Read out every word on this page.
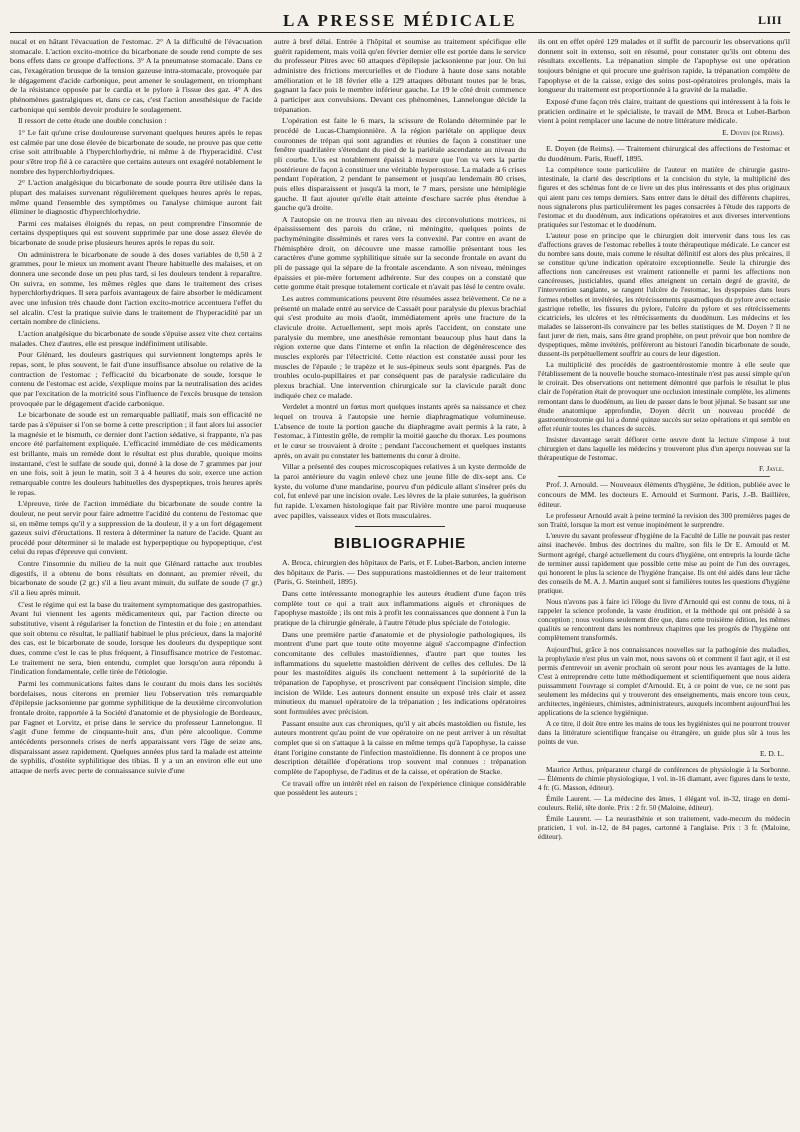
LA PRESSE MÉDICALE	LIII

nucal et en hâtant l'évacuation de l'estomac. 2° A la difficulté de l'évacuation stomacale. L'action excito-motrice du bicarbonate de soude rend compte de ses bons effets dans ce groupe d'affections. 3° A la pneumatose stomacale. Dans ce cas, l'exagération brusque de la tension gazeuse intra-stomacale, provoquée par le dégagement d'acide carbonique, peut amener le soulagement, en triomphant de la résistance opposée par le cardia et le pylore à l'issue des gaz. 4° A des phénomènes gastralgiques et, dans ce cas, c'est l'action anesthésique de l'acide carbonique qui semble devoir produire le soulagement.

Il ressort de cette étude une double conclusion :

1° Le fait qu'une crise douloureuse survenant quelques heures après le repas est calmée par une dose élevée de bicarbonate de soude, ne prouve pas que cette crise soit attribuable à l'hyperchlorhydrie, ni même à de l'hyperacidité. C'est pour s'être trop fié à ce caractère que certains auteurs ont exagéré notablement le nombre des hyperchlorhydriques.

2° L'action analgésique du bicarbonate de soude pourra être utilisée dans la plupart des malaises survenant régulièrement quelques heures après le repas, même quand l'ensemble des symptômes ou l'analyse chimique auront fait éliminer le diagnostic d'hyperchlorhydrie.

Parmi ces malaises éloignés du repas, on peut comprendre l'insomnie de certains dyspeptiques qui est souvent supprimée par une dose assez élevée de bicarbonate de soude prise plusieurs heures après le repas du soir.

On administrera le bicarbonate de soude à des doses variables de 0,50 à 2 grammes, pour le mieux un moment avant l'heure habituelle des malaises, et on donnera une seconde dose un peu plus tard, si les douleurs tendent à reparaître. On suivra, en somme, les mêmes règles que dans le traitement des crises hyperchlorhydriques. Il sera parfois avantageux de faire absorber le médicament avec une infusion très chaude dont l'action excito-motrice accentuera l'effet du sel alcalin. C'est la pratique suivie dans le traitement de l'hyperacidité par un certain nombre de cliniciens.

L'action analgésique du bicarbonate de soude s'épuise assez vite chez certains malades. Chez d'autres, elle est presque indéfiniment utilisable.

Pour Glénard, les douleurs gastriques qui surviennent longtemps après le repas, sont, le plus souvent, le fait d'une insuffisance absolue ou relative de la contraction de l'estomac ; l'efficacité du bicarbonate de soude, lorsque le contenu de l'estomac est acide, s'explique moins par la neutralisation des acides que par l'excitation de la motricité sous l'influence de l'excès brusque de tension provoquée par le dégagement d'acide carbonique.

Le bicarbonate de soude est un remarquable palliatif, mais son efficacité ne tarde pas à s'épuiser si l'on se borne à cette prescription ; il faut alors lui associer la magnésie et le bismuth, ce dernier dont l'action sédative, si frappante, n'a pas encore été parfaitement expliquée. L'efficacité immédiate de ces médicaments est brillante, mais un remède dont le résultat est plus durable, quoique moins instantané, c'est le sulfate de soude qui, donné à la dose de 7 grammes par jour en une fois, soit à jeun le matin, soit 3 à 4 heures du soir, exerce une action remarquable contre les douleurs habituelles des dyspeptiques, trois heures après le repas.

L'épreuve, tirée de l'action immédiate du bicarbonate de soude contre la douleur, ne peut servir pour faire admettre l'acidité du contenu de l'estomac que si, en même temps qu'il y a suppression de la douleur, il y a un fort dégagement gazeux suivi d'éructations. Il restera à déterminer la nature de l'acide. Quant au procédé pour déterminer si le malade est hyperpeptique ou hypopeptique, c'est celui du repas d'épreuve qui convient.

Contre l'insomnie du milieu de la nuit que Glénard rattache aux troubles digestifs, il a obtenu de bons résultats en donnant, au premier réveil, du bicarbonate de soude (2 gr.) s'il a lieu avant minuit, du sulfate de soude (7 gr.) s'il a lieu après minuit.

C'est le régime qui est la base du traitement symptomatique des gastropathies. Avant lui viennent les agents médicamenteux qui, par l'action directe ou substitutive, visent à régulariser la fonction de l'intestin et du foie ; en attendant que soit obtenu ce résultat, le palliatif habituel le plus précieux, dans la majorité des cas, est le bicarbonate de soude, lorsque les douleurs du dyspeptique sont dues, comme c'est le cas le plus fréquent, à l'insuffisance motrice de l'estomac. Le traitement ne sera, bien entendu, complet que lorsqu'on aura répondu à l'indication fondamentale, celle tirée de l'étiologie.

Parmi les communications faites dans le courant du mois dans les sociétés bordelaises, nous citerons en premier lieu l'observation très remarquable d'épilepsie jacksonienne par gomme syphilitique de la deuxième circonvolution frontale droite, rapportée à la Société d'anatomie et de physiologie de Bordeaux, par Fagnet et Lorvitz, et prise dans le service du professeur Lannelongue. Il s'agit d'une femme de cinquante-huit ans, d'un père alcoolique. Comme antécédents personnels crises de nerfs apparaissant vers l'âge de seize ans, disparaissant assez rapidement. Quelques années plus tard la malade est atteinte de syphilis, d'ostéite syphilitique des tibias. Il y a un an environ elle eut une attaque de nerfs avec perte de connaissance suivie d'une

autre à bref délai. Entrée à l'hôpital et soumise au traitement spécifique elle guérit rapidement, mais voilà qu'en février dernier elle est portée dans le service du professeur Pitres avec 60 attaques d'épilepsie jacksonienne par jour. On lui administre des frictions mercurielles et de l'iodure à haute dose sans notable amélioration et le 18 février elle a 129 attaques débutant toutes par le bras, gagnant la face puis le membre inférieur gauche. Le 19 le côté droit commence à participer aux convulsions. Devant ces phénomènes, Lannelongue décide la trépanation.

L'opération est faite le 6 mars, la scissure de Rolando déterminée par le procédé de Lucas-Championnière. A la région pariétale on applique deux couronnes de trépan qui sont agrandies et réunies de façon à constituer une fenêtre quadrilatère s'étendant du pied de la pariétale ascendante au niveau du pli courbe. L'os est notablement épaissi à mesure que l'on va vers la partie postérieure de façon à constituer une véritable hyperostose. La malade a 6 crises pendant l'opération, 2 pendant le pansement et jusqu'au lendemain 80 crises, puis elles disparaissent et jusqu'à la mort, le 7 mars, persiste une hémiplégie gauche. Il faut ajouter qu'elle était atteinte d'eschare sacrée plus étendue à gauche qu'à droite.

A l'autopsie on ne trouva rien au niveau des circonvolutions motrices, ni épaississement des parois du crâne, ni méningite, quelques points de pachyméningite disséminés et rares vers la convexité. Par contre en avant de l'hémisphère droit, on découvre une masse ramollie présentant tous les caractères d'une gomme syphilitique située sur la seconde frontale en avant du pli de passage qui la sépare de la frontale ascendante. A son niveau, méninges épaissies et pie-mère fortement adhérente. Sur des coupes on a constaté que cette gomme était presque totalement corticale et n'avait pas lésé le centre ovale.

Les autres communications peuvent être résumées assez brièvement. Ce ne a présenté un malade entré au service de Cassaët pour paralysie du plexus brachial qui s'est produite au mois d'août, immédiatement après une fracture de la clavicule droite. Actuellement, sept mois après l'accident, on constate une paralysie du membre, une anesthésie remontant beaucoup plus haut dans la région externe que dans l'interne et enfin la réaction de dégénérescence des muscles explorés par l'électricité. Cette réaction est constatée aussi pour les muscles de l'épaule ; le trapèze et le sus-épineux seuls sont épargnés. Pas de troubles oculo-pupillaires et par conséquent pas de paralysie radiculaire du plexus brachial. Une intervention chirurgicale sur la clavicule paraît donc indiquée chez ce malade.

Verdelet a montré un fœtus mort quelques instants après sa naissance et chez lequel on trouva à l'autopsie une hernie diaphragmatique volumineuse. L'absence de toute la portion gauche du diaphragme avait permis à la rate, à l'estomac, à l'intestin grêle, de remplir la moitié gauche du thorax. Les poumons et le cœur se trouvaient à droite ; pendant l'accouchement et quelques instants après, on avait pu constater les battements du cœur à droite.

Villar a présenté des coupes microscopiques relatives à un kyste dermoïde de la paroi antérieure du vagin enlevé chez une jeune fille de dix-sept ans. Ce kyste, du volume d'une mandarine, pourvu d'un pédicule allant s'insérer près du col, fut enlevé par une incision ovale. Les lèvres de la plaie suturées, la guérison fut rapide. L'examen histologique fait par Rivière montre une paroi muqueuse avec papilles, vaisseaux vides et îlots musculaires.

BIBLIOGRAPHIE

A. Broca, chirurgien des hôpitaux de Paris, et F. Lubet-Barbon, ancien interne des hôpitaux de Paris. — Des suppurations mastoïdiennes et de leur traitement (Paris, G. Steinheil, 1895).

Dans cette intéressante monographie les auteurs étudient d'une façon très complète tout ce qui a trait aux inflammations aiguës et chroniques de l'apophyse mastoïde ; ils ont mis à profit les connaissances que donnent à l'un la pratique de la chirurgie générale, à l'autre l'étude plus spéciale de l'otologie.

Dans une première partie d'anatomie et de physiologie pathologiques, ils montrent d'une part que toute otite moyenne aiguë s'accompagne d'infection concomitante des cellules mastoïdiennes, d'autre part que toutes les inflammations du squelette mastoïdien dérivent de celles des cellules. De là pour les mastoïdites aiguës ils concluent nettement à la supériorité de la trépanation de l'apophyse, et proscrivent par conséquent l'incision simple, dite incision de Wilde. Les auteurs donnent ensuite un exposé très clair et assez minutieux du manuel opératoire de la trépanation ; les indications opératoires sont formulées avec précision.

Passant ensuite aux cas chroniques, qu'il y ait abcès mastoïdien ou fistule, les auteurs montrent qu'au point de vue opératoire on ne peut arriver à un résultat complet que si on s'attaque à la caisse en même temps qu'à l'apophyse, la caisse étant l'origine constante de l'infection mastoïdienne. Ils donnent à ce propos une description détaillée d'opérations trop souvent mal connues : trépanation complète de l'apophyse, de l'aditus et de la caisse, et opération de Stacke.

Ce travail offre un intérêt réel en raison de l'expérience clinique considérable que possèdent les auteurs ;

ils ont en effet opéré 129 malades et il suffit de parcourir les observations qu'il donnent soit in extenso, soit en résumé, pour constater qu'ils ont obtenu des résultats excellents. La trépanation simple de l'apophyse est une opération toujours bénigne et qui procure une guérison rapide, la trépanation complète de l'apophyse et de la caisse, exige des soins post-opératoires prolongés, mais la longueur du traitement est proportionnée à la gravité de la maladie.

Exposé d'une façon très claire, traitant de questions qui intéressent à la fois le praticien ordinaire et le spécialiste, le travail de MM. Broca et Lubet-Barbon vient à point remplacer une lacune de notre littérature médicale.

E. Doyen (de Reims).

E. Doyen (de Reims). — Traitement chirurgical des affections de l'estomac et du duodénum. Paris, Rueff, 1895.

La compétence toute particulière de l'auteur en matière de chirurgie gastro-intestinale, la clarté des descriptions et la concision du style, la multiplicité des figures et des schémas font de ce livre un des plus intéressants et des plus originaux qui aient paru ces temps derniers. Sans entrer dans le détail des différents chapitres, nous signalerons plus particulièrement les pages consacrées à l'étude des rapports de l'estomac et du duodénum, aux indications opératoires et aux diverses interventions pratiquées sur l'estomac et le duodénum.

L'auteur pose en principe que le chirurgien doit intervenir dans tous les cas d'affections graves de l'estomac rebelles à toute thérapeutique médicale. Le cancer est du nombre sans doute, mais comme le résultat définitif est alors des plus précaires, il se constitue qu'une indication opératoire exceptionnelle. Seule la chirurgie des affections non cancéreuses est vraiment rationnelle et parmi les affections non cancéreuses, justiciables, quand elles atteignent un certain degré de gravité, de l'intervention sanglante, se rangent l'ulcère de l'estomac, les dyspepsies dans leurs formes rebelles et invétérées, les rétrécissements spasmodiques du pylore avec ectasie gastrique rebelle, les fissures du pylore, l'ulcère du pylore et ses rétrécissements cicatriciels, les ulcères et les rétrécissements du duodénum. Les médecins et les malades se laisseront-ils convaincre par les belles statistiques de M. Doyen ? Il ne faut jurer de rien, mais, sans être grand prophète, on peut prévoir que bon nombre de dyspeptiques, même invétérés, préféreront au bistouri l'anodin bicarbonate de soude, dussent-ils perpétuellement souffrir au cours de leur digestion.

La multiplicité des procédés de gastroentérostomie montre à elle seule que l'établissement de la nouvelle bouche stomaco-intestinale n'est pas aussi simple qu'on le croirait. Des observations ont nettement démontré que parfois le résultat le plus clair de l'opération était de provoquer une occlusion intestinale complète, les aliments remontant dans le duodénum, au lieu de passer dans le bout jéjunal. Se basant sur une étude anatomique approfondie, Doyen décrit un nouveau procédé de gastroentérostomie qui lui a donné quinze succès sur seize opérations et qui semble en effet réunir toutes les chances de succès.

Insister davantage serait déflorer cette œuvre dont la lecture s'impose à tout chirurgien et dans laquelle les médecins y trouveront plus d'un aperçu nouveau sur la thérapeutique de l'estomac.

F. Jayle.

Prof. J. Arnould. — Nouveaux éléments d'hygiène, 3e édition, publiée avec le concours de MM. les docteurs E. Arnould et Surmont. Paris, J.-B. Baillière, éditeur.

Le professeur Arnould avait à peine terminé la revision des 300 premières pages de son Traité, lorsque la mort est venue inopinément le surprendre.

L'œuvre du savant professeur d'hygiène de la Faculté de Lille ne pouvait pas rester ainsi inachevée. Imbus des doctrines du maître, son fils le Dr E. Arnould et M. Surmont agrégé, chargé actuellement du cours d'hygiène, ont entrepris la lourde tâche de terminer aussi rapidement que possible cette mise au point de l'un des ouvrages, qui honorent le plus la science de l'hygiène française. Ils ont été aidés dans leur tâche des conseils de M. A. J. Martin auquel sont si familières toutes les questions d'hygiène pratique.

Nous n'avons pas à faire ici l'éloge du livre d'Arnould qui est connu de tous, ni à rappeler la science profonde, la vaste érudition, et la méthode qui ont présidé à sa conception ; nous voulons seulement dire que, dans cette troisième édition, les mêmes qualités se rencontrent dans les nombreux chapitres que les progrès de l'hygiène ont complètement transformés.

Aujourd'hui, grâce à nos connaissances nouvelles sur la pathogénie des maladies, la prophylaxie n'est plus un vain mot, nous savons où et comment il faut agir, et il est permis d'entrevoir un avenir prochain où seront pour nous les avantages de la lutte. C'est à entreprendre cette lutte méthodiquement et scientifiquement que nous aidera puissamment l'ouvrage si complet d'Arnould. Et, à ce point de vue, ce ne sont pas seulement les médecins qui y trouveront des enseignements, mais encore tous ceux, architectes, ingénieurs, chimistes, administrateurs, auxquels incombent aujourd'hui les applications de la science hygiénique.

A ce titre, il doit être entre les mains de tous les hygiénistes qui ne pourront trouver dans la littérature scientifique française ou étrangère, un guide plus sûr à tous les points de vue.

E. D. L.

Maurice Arthus, préparateur chargé de conférences de physiologie à la Sorbonne. — Éléments de chimie physiologique, 1 vol. in-16 diamant, avec figures dans le texte, 4 fr. (G. Masson, éditeur).

Émile Laurent. — La médecine des âmes, 1 élégant vol. in-32, tirage en demi-couleurs. Relié, tête dorée. Prix : 2 fr. 50 (Maloine, éditeur).

Émile Laurent. — La neurasthénie et son traitement, vade-mecum du médecin praticien, 1 vol. in-12, de 84 pages, cartonné à l'anglaise. Prix : 3 fr. (Maloine, éditeur).
